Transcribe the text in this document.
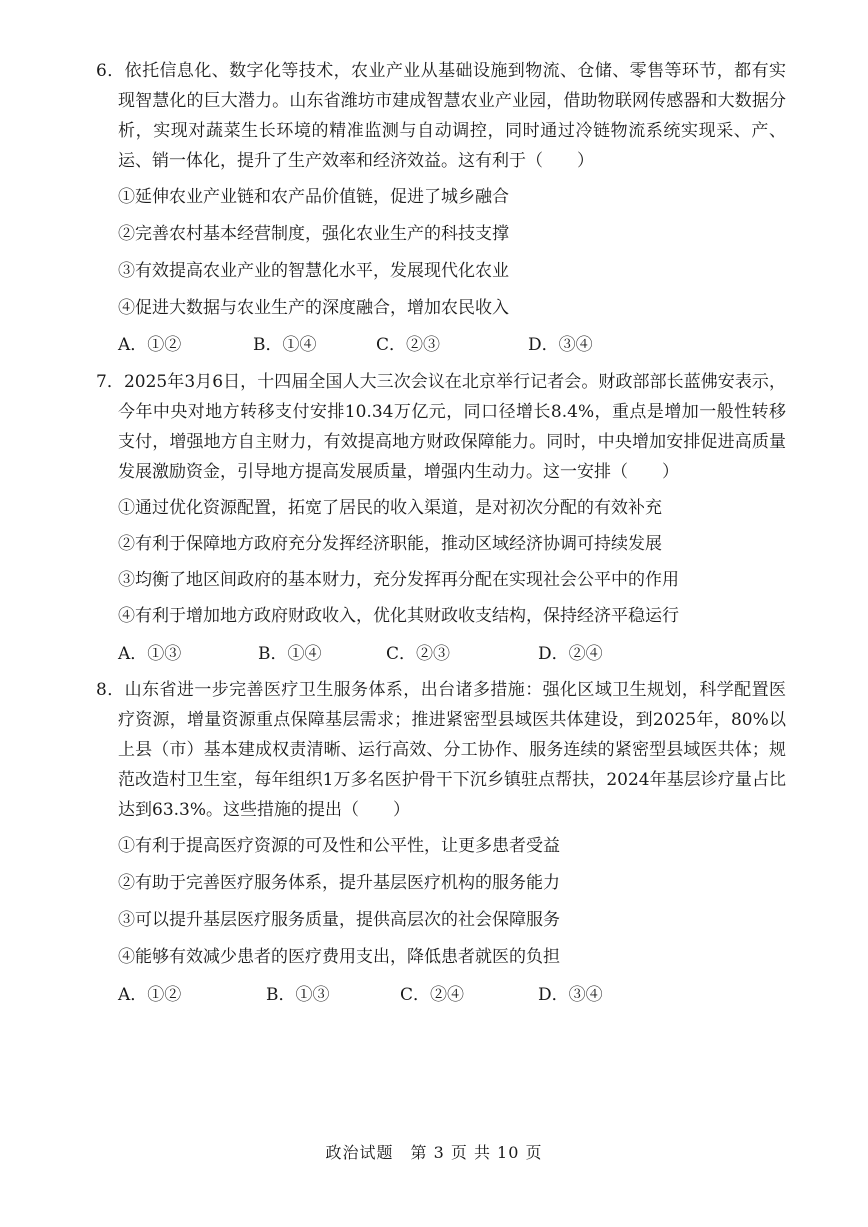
6．依托信息化、数字化等技术，农业产业从基础设施到物流、仓储、零售等环节，都有实现智慧化的巨大潜力。山东省潍坊市建成智慧农业产业园，借助物联网传感器和大数据分析，实现对蔬菜生长环境的精准监测与自动调控，同时通过冷链物流系统实现采、产、运、销一体化，提升了生产效率和经济效益。这有利于（　　）

①延伸农业产业链和农产品价值链，促进了城乡融合

②完善农村基本经营制度，强化农业生产的科技支撑

③有效提高农业产业的智慧化水平，发展现代化农业

④促进大数据与农业生产的深度融合，增加农民收入

A．①②	B．①④	C．②③	D．③④

7．2025年3月6日，十四届全国人大三次会议在北京举行记者会。财政部部长蓝佛安表示，今年中央对地方转移支付安排10.34万亿元，同口径增长8.4%，重点是增加一般性转移支付，增强地方自主财力，有效提高地方财政保障能力。同时，中央增加安排促进高质量发展激励资金，引导地方提高发展质量，增强内生动力。这一安排（　　）

①通过优化资源配置，拓宽了居民的收入渠道，是对初次分配的有效补充

②有利于保障地方政府充分发挥经济职能，推动区域经济协调可持续发展

③均衡了地区间政府的基本财力，充分发挥再分配在实现社会公平中的作用

④有利于增加地方政府财政收入，优化其财政收支结构，保持经济平稳运行

A．①③	B．①④	C．②③	D．②④

8．山东省进一步完善医疗卫生服务体系，出台诸多措施：强化区域卫生规划，科学配置医疗资源，增量资源重点保障基层需求；推进紧密型县域医共体建设，到2025年，80%以上县（市）基本建成权责清晰、运行高效、分工协作、服务连续的紧密型县域医共体；规范改造村卫生室，每年组织1万多名医护骨干下沉乡镇驻点帮扶，2024年基层诊疗量占比达到63.3%。这些措施的提出（　　）

①有利于提高医疗资源的可及性和公平性，让更多患者受益

②有助于完善医疗服务体系，提升基层医疗机构的服务能力

③可以提升基层医疗服务质量，提供高层次的社会保障服务

④能够有效减少患者的医疗费用支出，降低患者就医的负担

A．①②	B．①③	C．②④	D．③④
政治试题　第 3 页 共 10 页
